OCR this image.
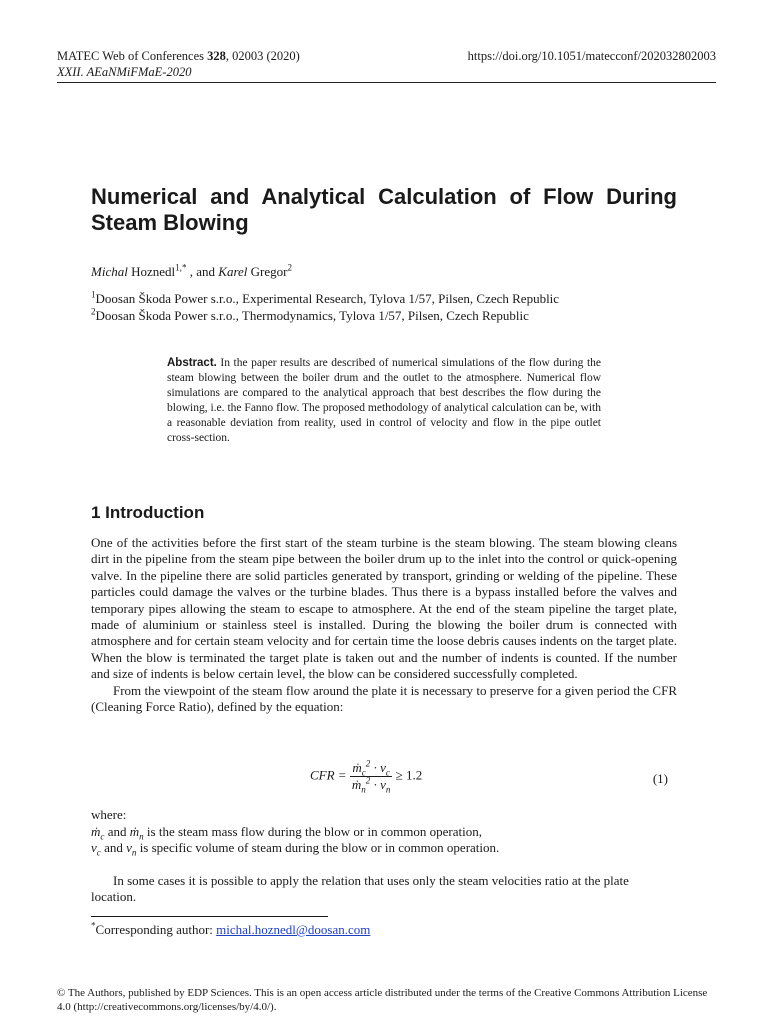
MATEC Web of Conferences 328, 02003 (2020)
XXII. AEaNMiFMaE-2020
https://doi.org/10.1051/matecconf/202032802003
Numerical and Analytical Calculation of Flow During Steam Blowing
Michal Hoznedl$^{1,*}$ , and Karel Gregor$^2$
$^1$Doosan Škoda Power s.r.o., Experimental Research, Tylova 1/57, Pilsen, Czech Republic
$^2$Doosan Škoda Power s.r.o., Thermodynamics, Tylova 1/57, Pilsen, Czech Republic
Abstract. In the paper results are described of numerical simulations of the flow during the steam blowing between the boiler drum and the outlet to the atmosphere. Numerical flow simulations are compared to the analytical approach that best describes the flow during the blowing, i.e. the Fanno flow. The proposed methodology of analytical calculation can be, with a reasonable deviation from reality, used in control of velocity and flow in the pipe outlet cross-section.
1 Introduction

One of the activities before the first start of the steam turbine is the steam blowing. The steam blowing cleans dirt in the pipeline from the steam pipe between the boiler drum up to the inlet into the control or quick-opening valve. In the pipeline there are solid particles generated by transport, grinding or welding of the pipeline. These particles could damage the valves or the turbine blades. Thus there is a bypass installed before the valves and temporary pipes allowing the steam to escape to atmosphere. At the end of the steam pipeline the target plate, made of aluminium or stainless steel is installed. During the blowing the boiler drum is connected with atmosphere and for certain steam velocity and for certain time the loose debris causes indents on the target plate. When the blow is terminated the target plate is taken out and the number of indents is counted. If the number and size of indents is below certain level, the blow can be considered successfully completed.

From the viewpoint of the steam flow around the plate it is necessary to preserve for a given period the CFR (Cleaning Force Ratio), defined by the equation:

CFR = $\frac{ṁ_c^2 \cdot v_c}{ṁ_n^2 \cdot v_n} \ge 1.2$	(1)
where:
ṁ$_c$ and ṁ$_n$ is the steam mass flow during the blow or in common operation,
$v_c$ and $v_n$ is specific volume of steam during the blow or in common operation.
In some cases it is possible to apply the relation that uses only the steam velocities ratio at the plate location.
*Corresponding author: michal.hoznedl@doosan.com
© The Authors, published by EDP Sciences. This is an open access article distributed under the terms of the Creative Commons Attribution License 4.0 (http://creativecommons.org/licenses/by/4.0/).
